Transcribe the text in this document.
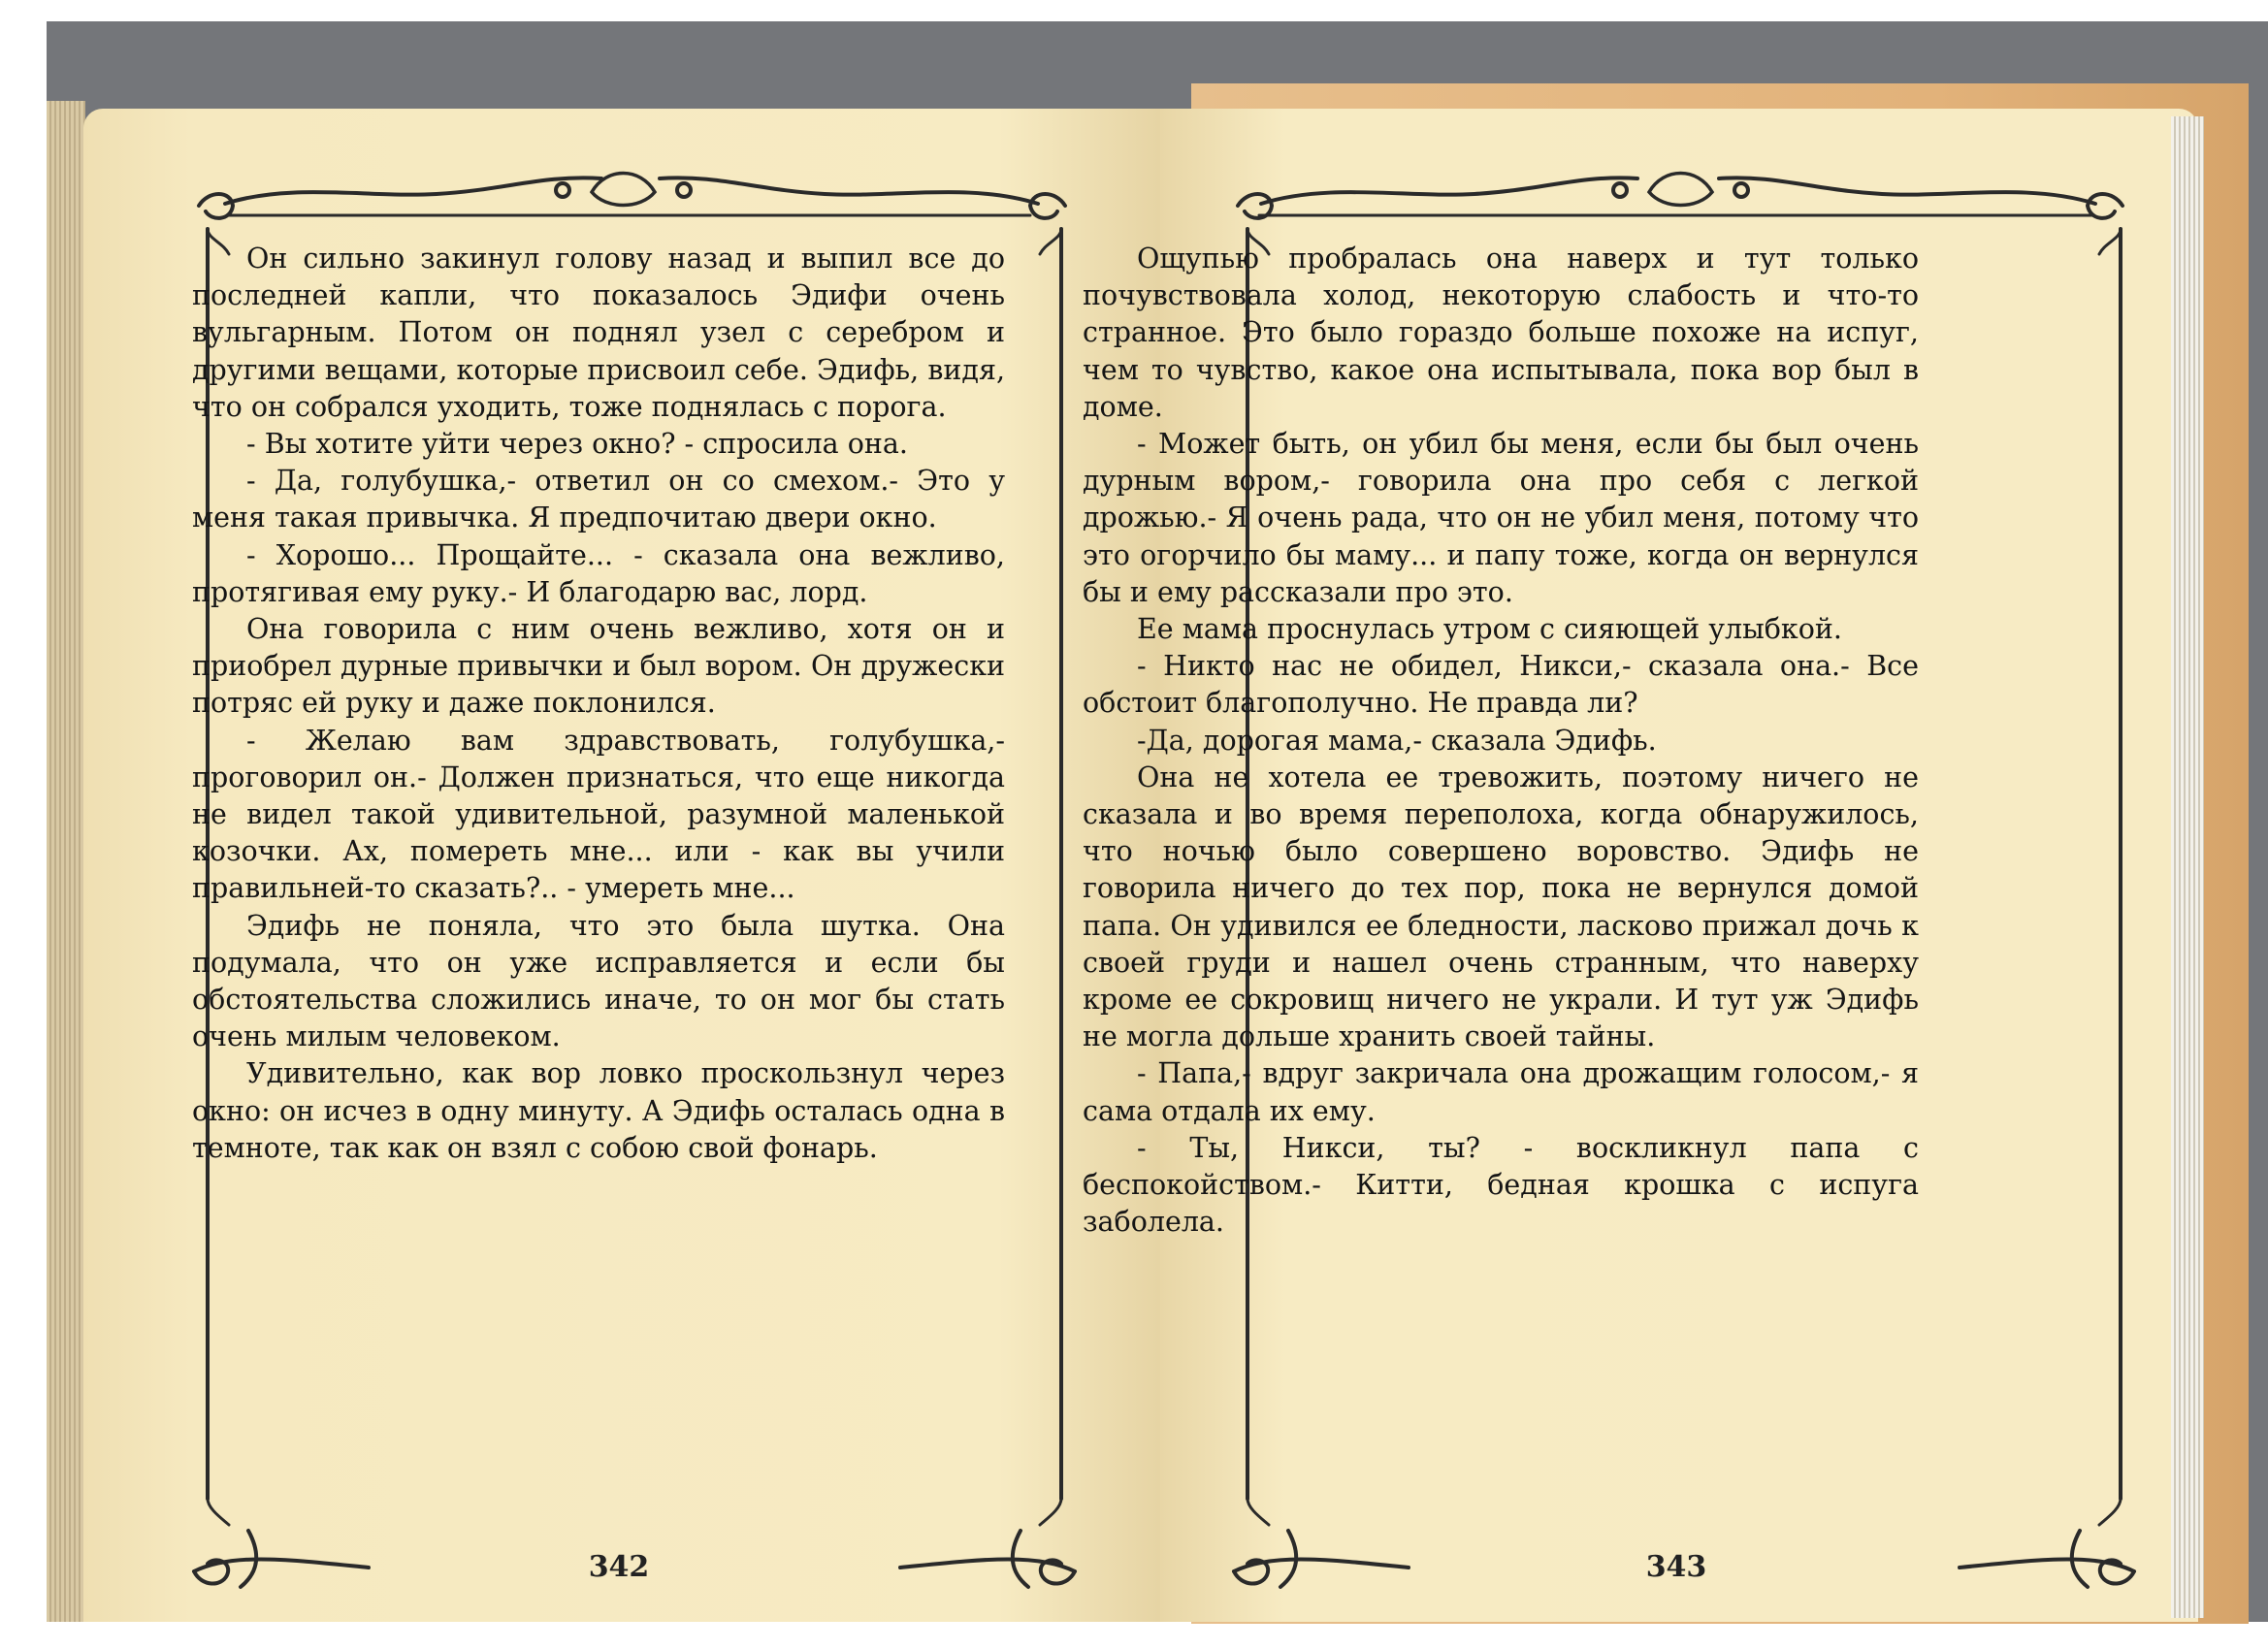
Он сильно закинул голову назад и выпил все до последней капли, что показалось Эдифи очень вульгарным. Потом он поднял узел с серебром и другими вещами, которые присвоил себе. Эдифь, видя, что он собрался уходить, тоже поднялась с порога.

- Вы хотите уйти через окно? - спросила она.

- Да, голубушка,- ответил он со смехом.- Это у меня такая привычка. Я предпочитаю двери окно.

- Хорошо... Прощайте... - сказала она вежливо, протягивая ему руку.- И благодарю вас, лорд.

Она говорила с ним очень вежливо, хотя он и приобрел дурные привычки и был вором. Он дружески потряс ей руку и даже поклонился.

- Желаю вам здравствовать, голубушка,- проговорил он.- Должен признаться, что еще никогда не видел такой удивительной, разумной маленькой козочки. Ах, помереть мне... или - как вы учили правильней-то сказать?.. - умереть мне...

Эдифь не поняла, что это была шутка. Она подумала, что он уже исправляется и если бы обстоятельства сложились иначе, то он мог бы стать очень милым человеком.

Удивительно, как вор ловко проскользнул через окно: он исчез в одну минуту. А Эдифь осталась одна в темноте, так как он взял с собою свой фонарь.

Ощупью пробралась она наверх и тут только почувствовала холод, некоторую слабость и что-то странное. Это было гораздо больше похоже на испуг, чем то чувство, какое она испытывала, пока вор был в доме.

- Может быть, он убил бы меня, если бы был очень дурным вором,- говорила она про себя с легкой дрожью.- Я очень рада, что он не убил меня, потому что это огорчило бы маму... и папу тоже, когда он вернулся бы и ему рассказали про это.

Ее мама проснулась утром с сияющей улыбкой.

- Никто нас не обидел, Никси,- сказала она.- Все обстоит благополучно. Не правда ли?

-Да, дорогая мама,- сказала Эдифь.

Она не хотела ее тревожить, поэтому ничего не сказала и во время переполоха, когда обнаружилось, что ночью было совершено воровство. Эдифь не говорила ничего до тех пор, пока не вернулся домой папа. Он удивился ее бледности, ласково прижал дочь к своей груди и нашел очень странным, что наверху кроме ее сокровищ ничего не украли. И тут уж Эдифь не могла дольше хранить своей тайны.

- Папа,- вдруг закричала она дрожащим голосом,- я сама отдала их ему.

- Ты, Никси, ты? - воскликнул папа с беспокойством.- Китти, бедная крошка с испуга заболела.

342	343
